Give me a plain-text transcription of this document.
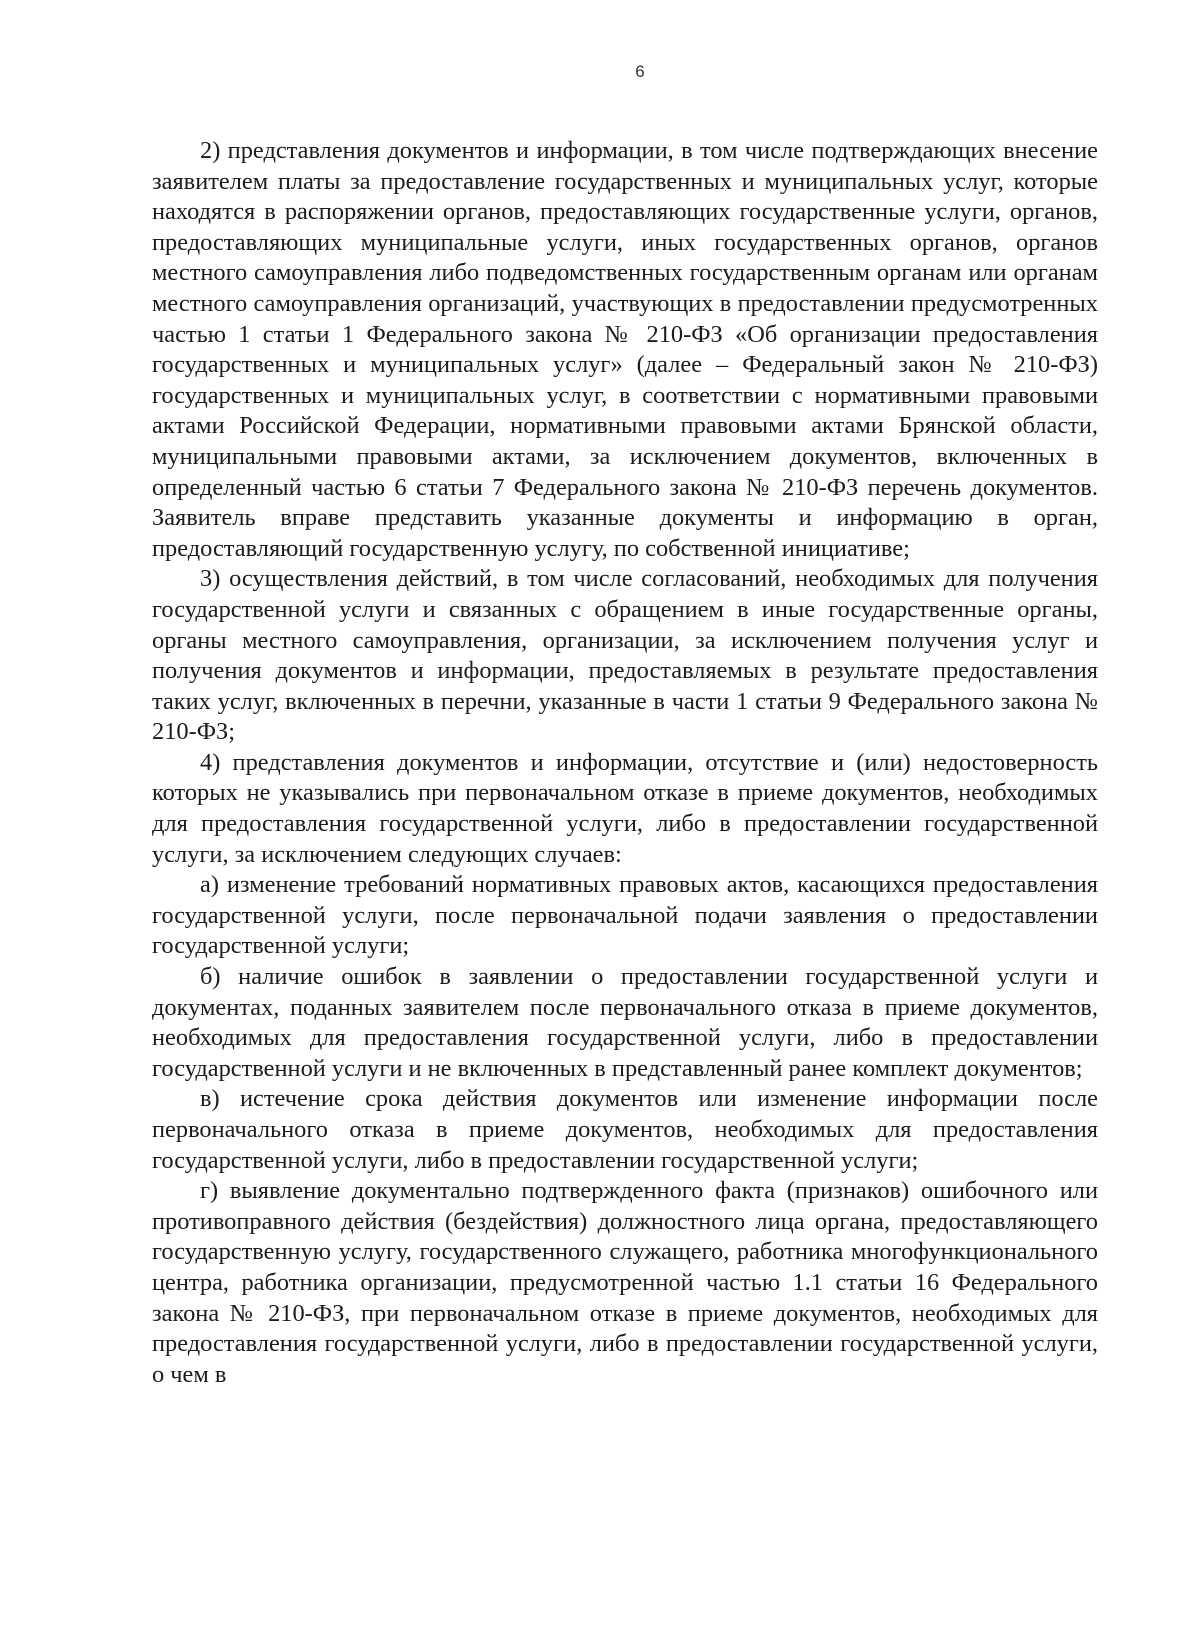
6

2) представления документов и информации, в том числе подтверждающих внесение заявителем платы за предоставление государственных и муниципальных услуг, которые находятся в распоряжении органов, предоставляющих государственные услуги, органов, предоставляющих муниципальные услуги, иных государственных органов, органов местного самоуправления либо подведомственных государственным органам или органам местного самоуправления организаций, участвующих в предоставлении предусмотренных частью 1 статьи 1 Федерального закона № 210-ФЗ «Об организации предоставления государственных и муниципальных услуг» (далее – Федеральный закон № 210-ФЗ) государственных и муниципальных услуг, в соответствии с нормативными правовыми актами Российской Федерации, нормативными правовыми актами Брянской области, муниципальными правовыми актами, за исключением документов, включенных в определенный частью 6 статьи 7 Федерального закона № 210-ФЗ перечень документов. Заявитель вправе представить указанные документы и информацию в орган, предоставляющий государственную услугу, по собственной инициативе;

3) осуществления действий, в том числе согласований, необходимых для получения государственной услуги и связанных с обращением в иные государственные органы, органы местного самоуправления, организации, за исключением получения услуг и получения документов и информации, предоставляемых в результате предоставления таких услуг, включенных в перечни, указанные в части 1 статьи 9 Федерального закона № 210-ФЗ;

4) представления документов и информации, отсутствие и (или) недостоверность которых не указывались при первоначальном отказе в приеме документов, необходимых для предоставления государственной услуги, либо в предоставлении государственной услуги, за исключением следующих случаев:

а) изменение требований нормативных правовых актов, касающихся предоставления государственной услуги, после первоначальной подачи заявления о предоставлении государственной услуги;

б) наличие ошибок в заявлении о предоставлении государственной услуги и документах, поданных заявителем после первоначального отказа в приеме документов, необходимых для предоставления государственной услуги, либо в предоставлении государственной услуги и не включенных в представленный ранее комплект документов;

в) истечение срока действия документов или изменение информации после первоначального отказа в приеме документов, необходимых для предоставления государственной услуги, либо в предоставлении государственной услуги;

г) выявление документально подтвержденного факта (признаков) ошибочного или противоправного действия (бездействия) должностного лица органа, предоставляющего государственную услугу, государственного служащего, работника многофункционального центра, работника организации, предусмотренной частью 1.1 статьи 16 Федерального закона № 210-ФЗ, при первоначальном отказе в приеме документов, необходимых для предоставления государственной услуги, либо в предоставлении государственной услуги, о чем в
